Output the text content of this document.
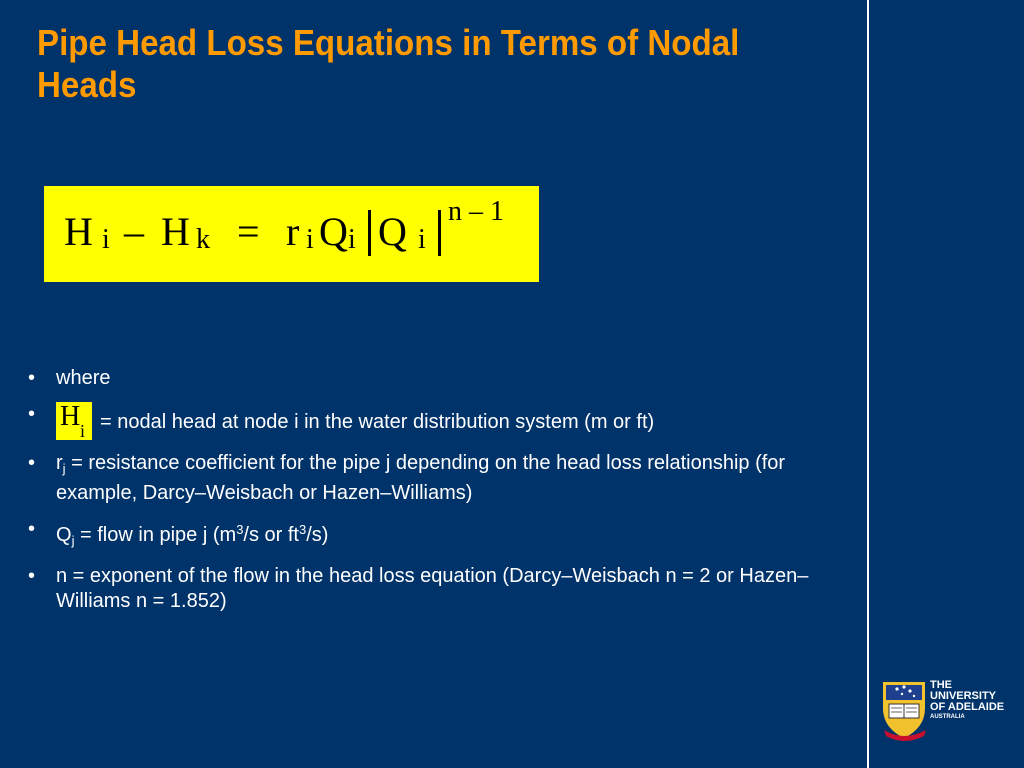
Pipe Head Loss Equations in Terms of Nodal Heads
H i – H k = r i Q i Q i
n – 1
• where
• H i = nodal head at node i in the water distribution system (m or ft)
• $r_j$ = resistance coefficient for the pipe j depending on the head loss relationship (for example, Darcy–Weisbach or Hazen–Williams)
• $Q_j$ = flow in pipe j ($m^3/s$ or $ft^3/s$)
• n = exponent of the flow in the head loss equation (Darcy–Weisbach n = 2 or Hazen–Williams n = 1.852)
THE UNIVERSITY
OF ADELAIDE
AUSTRALIA
